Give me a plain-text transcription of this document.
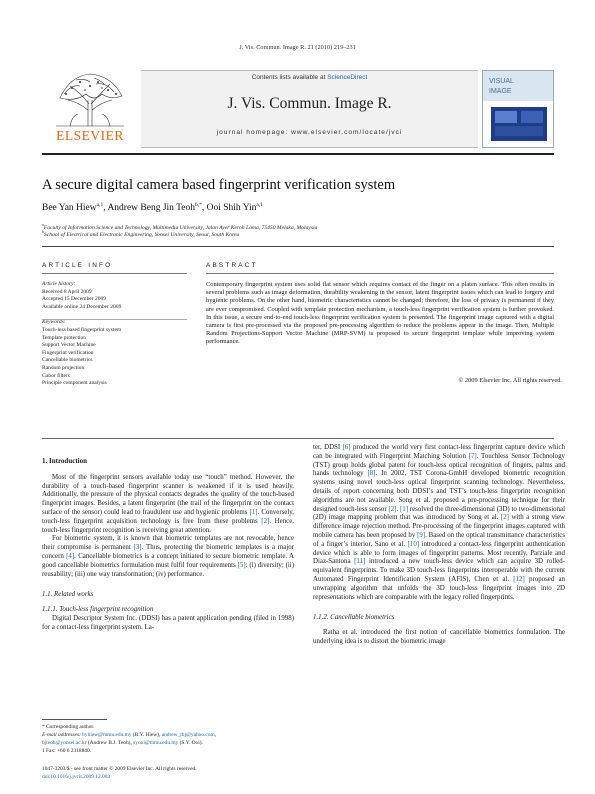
J. Vis. Commun. Image R. 21 (2010) 219–231
ELSEVIER
Contents lists available at ScienceDirect
J. Vis. Commun. Image R.
journal homepage: www.elsevier.com/locate/jvci
VISUAL
IMAGE
A secure digital camera based fingerprint verification system
Bee Yan Hiew$^{a,1}$, Andrew Beng Jin Teoh$^{b,*}$, Ooi Shih Yin$^{a,1}$
$^a$Faculty of Information Science and Technology, Multimedia University, Jalan Ayer Keroh Lama, 75450 Melaka, Malaysia
$^b$School of Electrical and Electronic Engineering, Yonsei University, Seoul, South Korea
ARTICLE INFO	ABSTRACT
Article history:
Received 8 April 2009
Accepted 15 December 2009
Available online 24 December 2009
Keywords:
Touch-less based fingerprint system
Template protection
Support Vector Machine
Fingerprint verification
Cancellable biometrics
Random projection
Gabor filters
Principle component analysis
Contemporary fingerprint system uses solid flat sensor which requires contact of the finger on a platen surface. This often results in several problems such as image deformation, durability weakening in the sensor, latent fingerprint issues which can lead to forgery and hygienic problems. On the other hand, biometric characteristics cannot be changed; therefore, the loss of privacy is permanent if they are ever compromised. Coupled with template protection mechanism, a touch-less fingerprint verification system is further provoked. In this issue, a secure end-to-end touch-less fingerprint verification system is presented. The fingerprint image captured with a digital camera is first pre-processed via the proposed pre-processing algorithm to reduce the problems appear in the image. Then, Multiple Random Projections-Support Vector Machine (MRP-SVM) is proposed to secure fingerprint template while improving system performance.
© 2009 Elsevier Inc. All rights reserved.
1. Introduction
Most of the fingerprint sensors available today use “touch” method. However, the durability of a touch-based fingerprint scanner is weakened if it is used heavily. Additionally, the pressure of the physical contacts degrades the quality of the touch-based fingerprint images. Besides, a latent fingerprint (the trail of the fingerprint on the contact surface of the sensor) could lead to fraudulent use and hygienic problems [1]. Conversely, touch-less fingerprint acquisition technology is free from these problems [2]. Hence, touch-less fingerprint recognition is receiving great attention.
For biometric system, it is known that biometric templates are not revocable, hence their compromise is permanent [3]. Thus, protecting the biometric templates is a major concern [4]. Cancellable biometrics is a concept initiated to secure biometric template. A good cancellable biometrics formulation must fulfil four requirements [5]: (i) diversity; (ii) reusability; (iii) one way transformation; (iv) performance.
1.1. Related works
1.1.1. Touch-less fingerprint recognition
Digital Descriptor System Inc. (DDSI) has a patent application pending (filed in 1998) for a contact-less fingerprint system. La-
ter, DDSI [6] produced the world very first contact-less fingerprint capture device which can be integrated with Fingerprint Matching Solution [7]. Touchless Sensor Technology (TST) group holds global patent for touch-less optical recognition of fingers, palms and hands technology [8]. In 2002, TST Corona-GmbH developed biometric recognition systems using novel touch-less optical fingerprint scanning technology. Nevertheless, details of report concerning both DDSI’s and TST’s touch-less fingerprint recognition algorithms are not available. Song et al. proposed a pre-processing technique for their designed touch-less sensor [2]. [1] resolved the three-dimensional (3D) to two-dimensional (2D) image mapping problem that was introduced by Song et al. [2] with a strong view difference image rejection method. Pre-processing of the fingerprint images captured with mobile camera has been proposed by [9]. Based on the optical transmittance characteristics of a finger’s interior, Sano et al. [10] introduced a contact-less fingerprint authentication device which is able to form images of fingerprint patterns. Most recently, Parziale and Diaz-Santona [11] introduced a new touch-less device which can acquire 3D rolled-equivalent fingerprints. To make 3D touch-less fingerprints interoperable with the current Automated Fingerprint Identification System (AFIS), Chen et al. [12] proposed an unwrapping algorithm that unfolds the 3D touch-less fingerprint images into 2D representations which are comparable with the legacy rolled fingerprints.
1.1.2. Cancellable biometrics
Ratha et al. introduced the first notion of cancellable biometrics formulation. The underlying idea is to distort the biometric image
* Corresponding author.
E-mail addresses: byhiew@mmu.edu.my (B.Y. Hiew), andrew_tbj@yahoo.com,
bjteoh@yonsei.ac.kr (Andrew B.J. Teoh), syooi@mmu.edu.my (S.Y. Ooi).
1 Fax: +60 6 2318840.
1047-3203/$ - see front matter © 2009 Elsevier Inc. All rights reserved.
doi:10.1016/j.jvcir.2009.12.003
